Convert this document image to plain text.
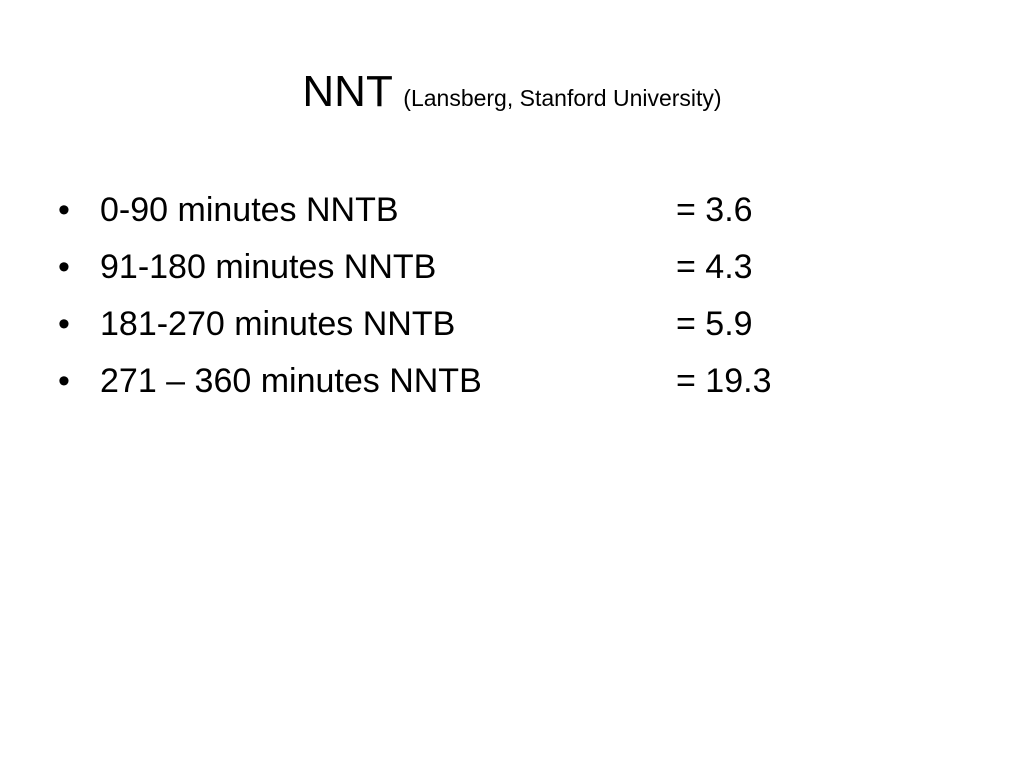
NNT (Lansberg, Stanford University)
• 0-90 minutes NNTB	= 3.6
• 91-180 minutes NNTB	= 4.3
• 181-270 minutes NNTB	= 5.9
• 271 – 360 minutes NNTB	= 19.3
